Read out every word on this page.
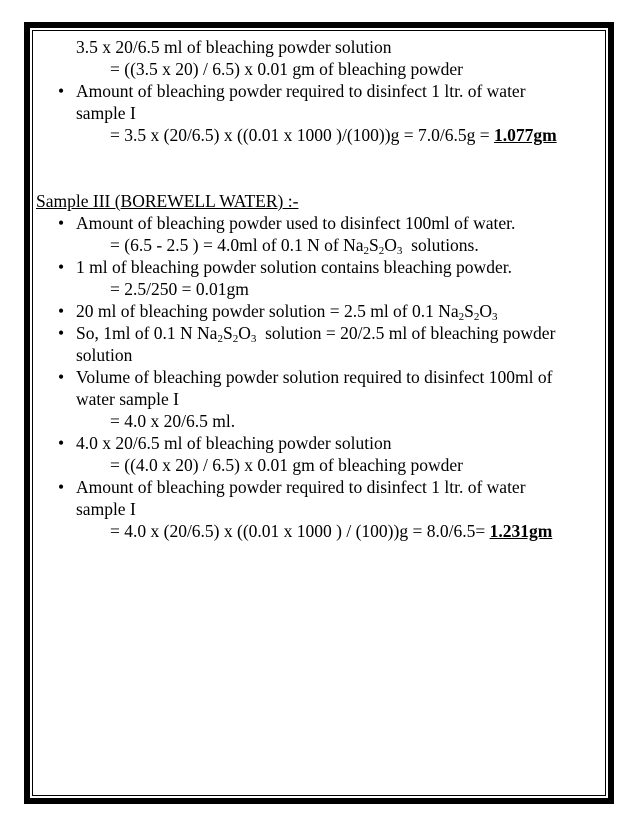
3.5 x 20/6.5 ml of bleaching powder solution
= ((3.5 x 20) / 6.5) x 0.01 gm of bleaching powder
• Amount of bleaching powder required to disinfect 1 ltr. of water
sample I
= 3.5 x (20/6.5) x ((0.01 x 1000 )/(100))g = 7.0/6.5g = 1.077gm
Sample III (BOREWELL WATER) :-
• Amount of bleaching powder used to disinfect 100ml of water.
= (6.5 - 2.5 ) = 4.0ml of 0.1 N of $Na_2S_2O_3$  solutions.
• 1 ml of bleaching powder solution contains bleaching powder.
= 2.5/250 = 0.01gm
• 20 ml of bleaching powder solution = 2.5 ml of 0.1 $Na_2S_2O_3$
• So, 1ml of 0.1 N $Na_2S_2O_3$  solution = 20/2.5 ml of bleaching powder
solution
• Volume of bleaching powder solution required to disinfect 100ml of
water sample I
= 4.0 x 20/6.5 ml.
• 4.0 x 20/6.5 ml of bleaching powder solution
= ((4.0 x 20) / 6.5) x 0.01 gm of bleaching powder
• Amount of bleaching powder required to disinfect 1 ltr. of water
sample I
= 4.0 x (20/6.5) x ((0.01 x 1000 ) / (100))g = 8.0/6.5= 1.231gm
